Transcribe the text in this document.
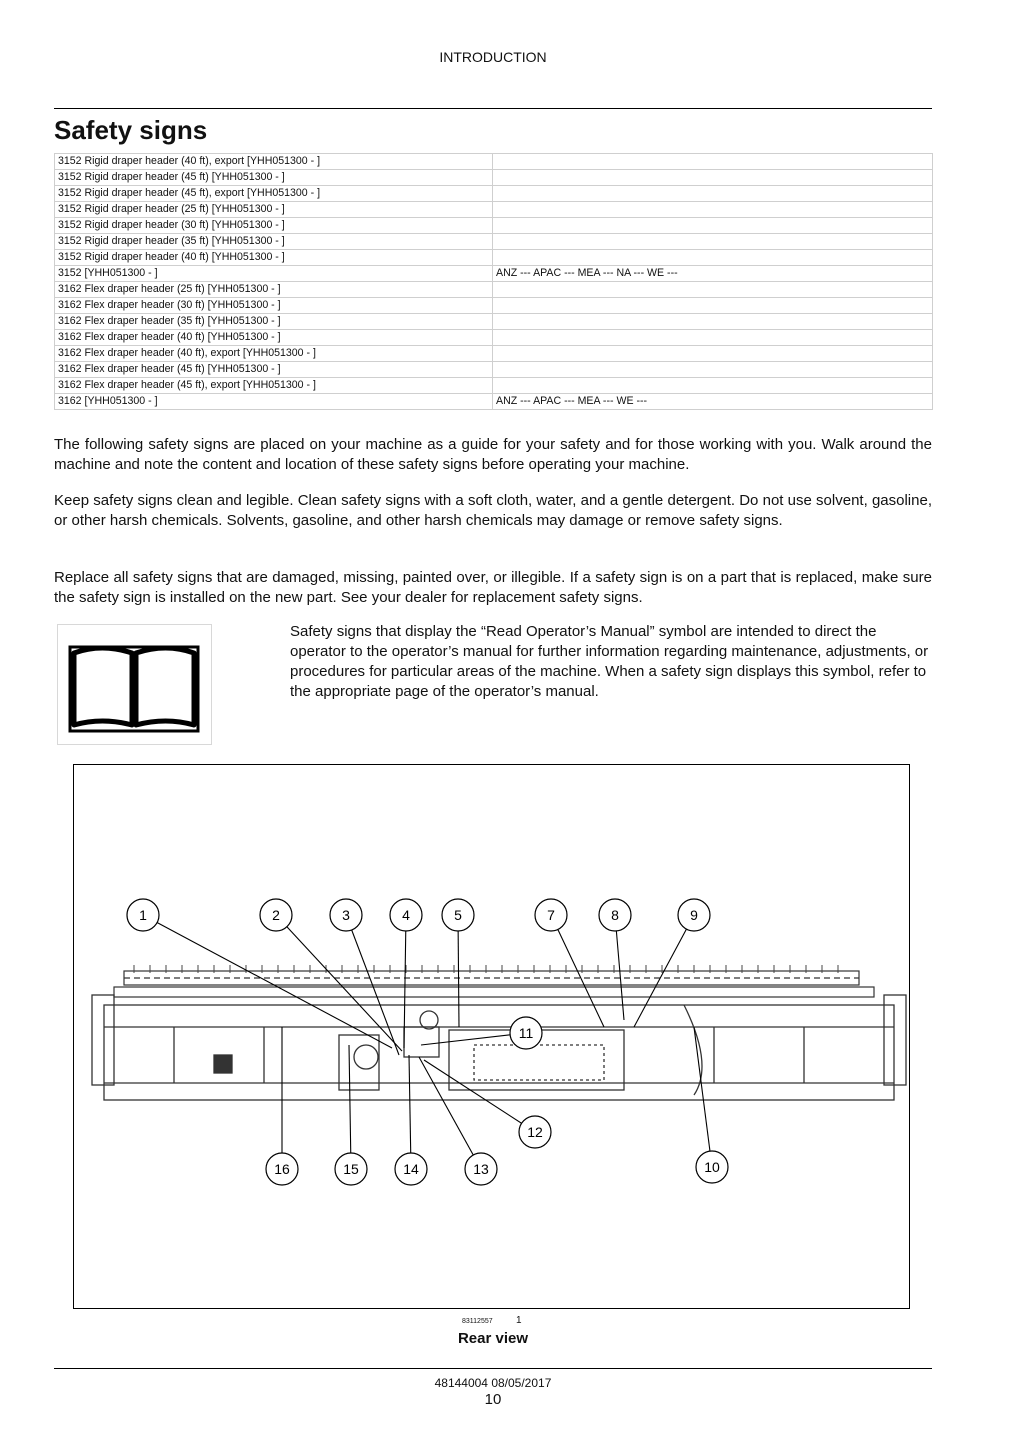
INTRODUCTION
Safety signs
3152 Rigid draper header (40 ft), export [YHH051300 - ]	
3152 Rigid draper header (45 ft) [YHH051300 - ]	
3152 Rigid draper header (45 ft), export [YHH051300 - ]	
3152 Rigid draper header (25 ft) [YHH051300 - ]	
3152 Rigid draper header (30 ft) [YHH051300 - ]	
3152 Rigid draper header (35 ft) [YHH051300 - ]	
3152 Rigid draper header (40 ft) [YHH051300 - ]	
3152 [YHH051300 - ]	ANZ --- APAC --- MEA --- NA --- WE ---
3162 Flex draper header (25 ft) [YHH051300 - ]	
3162 Flex draper header (30 ft) [YHH051300 - ]	
3162 Flex draper header (35 ft) [YHH051300 - ]	
3162 Flex draper header (40 ft) [YHH051300 - ]	
3162 Flex draper header (40 ft), export [YHH051300 - ]	
3162 Flex draper header (45 ft) [YHH051300 - ]	
3162 Flex draper header (45 ft), export [YHH051300 - ]	
3162 [YHH051300 - ]	ANZ --- APAC --- MEA --- WE ---

The following safety signs are placed on your machine as a guide for your safety and for those working with you. Walk around the machine and note the content and location of these safety signs before operating your machine.

Keep safety signs clean and legible. Clean safety signs with a soft cloth, water, and a gentle detergent. Do not use solvent, gasoline, or other harsh chemicals. Solvents, gasoline, and other harsh chemicals may damage or remove safety signs.

Replace all safety signs that are damaged, missing, painted over, or illegible. If a safety sign is on a part that is replaced, make sure the safety sign is installed on the new part. See your dealer for replacement safety signs.

Safety signs that display the “Read Operator’s Manual” symbol are intended to direct the operator to the operator’s manual for further information regarding maintenance, adjustments, or procedures for particular areas of the machine. When a safety sign displays this symbol, refer to the appropriate page of the operator’s manual.

1	2	3	4	5	7	8	9
11
12
16	15	14	13	10
83112557 1
Rear view
48144004 08/05/2017
10
